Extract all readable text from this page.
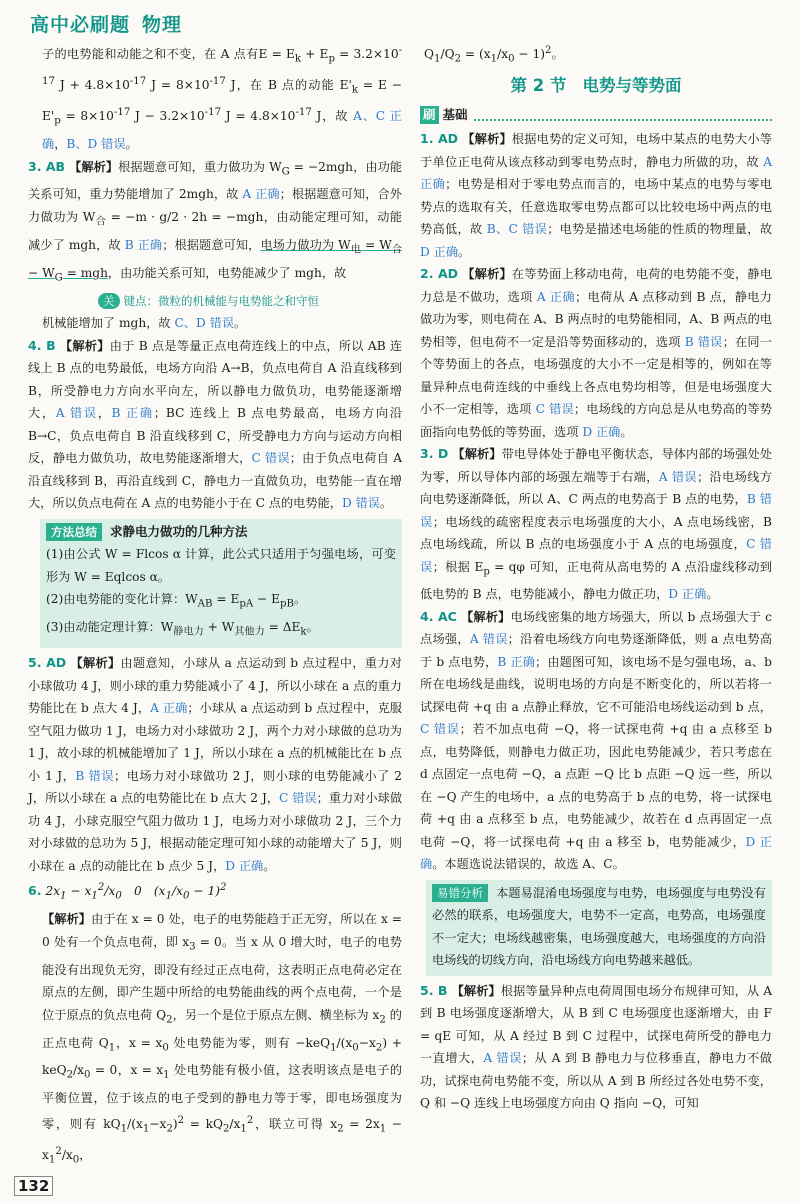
高中必刷题 物理

子的电势能和动能之和不变，在 A 点有$E = E_k + E_p = 3.2\times 10^{-17}$ $J + 4.8\times 10^{-17}$ $J = 8\times 10^{-17}$ J，在 B 点的动能 $E'_k = E - E'_p = 8\times 10^{-17}$ $J - 3.2\times 10^{-17}$ $J = 4.8\times 10^{-17}$ J，故 A、C 正确，B、D 错误。

3. AB 【解析】根据题意可知，重力做功为 $W_G = -2mgh$，由功能关系可知，重力势能增加了 2mgh，故 A 正确；根据题意可知，合外力做功为 $W_合 = -m \cdot g/2 \cdot 2h = -mgh$，由动能定理可知，动能减少了 mgh，故 B 正确；根据题意可知，电场力做功为 $W_电 = W_合 - W_G$ = mgh，由功能关系可知，电势能减少了 mgh，故

关 键点：微粒的机械能与电势能之和守恒

机械能增加了 mgh，故 C、D 错误。

4. B 【解析】由于 B 点是等量正点电荷连线上的中点，所以 AB 连线上 B 点的电势最低，电场方向沿 A→B，负点电荷自 A 沿直线移到 B，所受静电力方向水平向左，所以静电力做负功，电势能逐渐增大，A 错误，B 正确；BC 连线上 B 点电势最高，电场方向沿 B→C，负点电荷自 B 沿直线移到 C，所受静电力方向与运动方向相反，静电力做负功，故电势能逐渐增大，C 错误；由于负点电荷自 A 沿直线移到 B，再沿直线到 C，静电力一直做负功，电势能一直在增大，所以负点电荷在 A 点的电势能小于在 C 点的电势能，D 错误。

方法总结	求静电力做功的几种方法
(1)由公式 W = Flcos α 计算，此公式只适用于匀强电场，可变形为 W = Eqlcos α。
(2)由电势能的变化计算：$W_{AB} = E_{pA} - E_{pB}$。
(3)由动能定理计算：$W_{静电力} + W_{其他力} = \Delta E_k$。

5. AD 【解析】由题意知，小球从 a 点运动到 b 点过程中，重力对小球做功 4 J，则小球的重力势能减小了 4 J，所以小球在 a 点的重力势能比在 b 点大 4 J，A 正确；小球从 a 点运动到 b 点过程中，克服空气阻力做功 1 J，电场力对小球做功 2 J，两个力对小球做的总功为 1 J，故小球的机械能增加了 1 J，所以小球在 a 点的机械能比在 b 点小 1 J，B 错误；电场力对小球做功 2 J，则小球的电势能减小了 2 J，所以小球在 a 点的电势能比在 b 点大 2 J，C 错误；重力对小球做功 4 J，小球克服空气阻力做功 1 J，电场力对小球做功 2 J，三个力对小球做的总功为 5 J，根据动能定理可知小球的动能增大了 5 J，则小球在 a 点的动能比在 b 点少 5 J，D 正确。

6. $2x_1 - x_1^2/x_0$　0　$(x_1/x_0 - 1)^2$

【解析】由于在 x = 0 处，电子的电势能趋于正无穷，所以在 x = 0 处有一个负点电荷，即 $x_3 = 0$。当 x 从 0 增大时，电子的电势能没有出现负无穷，即没有经过正点电荷，这表明正点电荷必定在原点的左侧，即产生题中所给的电势能曲线的两个点电荷，一个是位于原点的负点电荷 $Q_2$，另一个是位于原点左侧、横坐标为 $x_2$ 的正点电荷 $Q_1$，$x = x_0$ 处电势能为零，则有 $-keQ_1/(x_0-x_2) + keQ_2/x_0 = 0$，$x = x_1$ 处电势能有极小值，这表明该点是电子的平衡位置，位于该点的电子受到的静电力等于零，即电场强度为零，则有 $kQ_1/(x_1-x_2)^2 = kQ_2/x_1^2$，联立可得 $x_2 = 2x_1 - x_1^2/x_0$，

$Q_1/Q_2 = (x_1/x_0 - 1)^2$。

第 2 节 电势与等势面
刷 基础

1. AD 【解析】根据电势的定义可知，电场中某点的电势大小等于单位正电荷从该点移动到零电势点时，静电力所做的功，故 A 正确；电势是相对于零电势点而言的，电场中某点的电势与零电势点的选取有关，任意选取零电势点都可以比较电场中两点的电势高低，故 B、C 错误；电势是描述电场能的性质的物理量，故 D 正确。

2. AD 【解析】在等势面上移动电荷，电荷的电势能不变，静电力总是不做功，选项 A 正确；电荷从 A 点移动到 B 点，静电力做功为零，则电荷在 A、B 两点时的电势能相同，A、B 两点的电势相等，但电荷不一定是沿等势面移动的，选项 B 错误；在同一个等势面上的各点，电场强度的大小不一定是相等的，例如在等量异种点电荷连线的中垂线上各点电势均相等，但是电场强度大小不一定相等，选项 C 错误；电场线的方向总是从电势高的等势面指向电势低的等势面，选项 D 正确。

3. D 【解析】带电导体处于静电平衡状态，导体内部的场强处处为零，所以导体内部的场强左端等于右端，A 错误；沿电场线方向电势逐渐降低，所以 A、C 两点的电势高于 B 点的电势，B 错误；电场线的疏密程度表示电场强度的大小，A 点电场线密，B 点电场线疏，所以 B 点的电场强度小于 A 点的电场强度，C 错误；根据 $E_p = q\varphi$ 可知，正电荷从高电势的 A 点沿虚线移动到低电势的 B 点，电势能减小，静电力做正功，D 正确。

4. AC 【解析】电场线密集的地方场强大，所以 b 点场强大于 c 点场强，A 错误；沿着电场线方向电势逐渐降低，则 a 点电势高于 b 点电势，B 正确；由题图可知，该电场不是匀强电场，a、b 所在电场线是曲线，说明电场的方向是不断变化的，所以若将一试探电荷 +q 由 a 点静止释放，它不可能沿电场线运动到 b 点，C 错误；若不加点电荷 −Q，将一试探电荷 +q 由 a 点移至 b 点，电势降低，则静电力做正功，因此电势能减少，若只考虑在 d 点固定一点电荷 −Q，a 点距 −Q 比 b 点距 −Q 远一些，所以在 −Q 产生的电场中，a 点的电势高于 b 点的电势，将一试探电荷 +q 由 a 点移至 b 点，电势能减少，故若在 d 点再固定一点电荷 −Q，将一试探电荷 +q 由 a 移至 b，电势能减少，D 正确。本题选说法错误的，故选 A、C。

易错分析 本题易混淆电场强度与电势，电场强度与电势没有必然的联系，电场强度大，电势不一定高，电势高，电场强度不一定大；电场线越密集，电场强度越大，电场强度的方向沿电场线的切线方向，沿电场线方向电势越来越低。

5. B 【解析】根据等量异种点电荷周围电场分布规律可知，从 A 到 B 电场强度逐渐增大，从 B 到 C 电场强度也逐渐增大，由 F = qE 可知，从 A 经过 B 到 C 过程中，试探电荷所受的静电力一直增大，A 错误；从 A 到 B 静电力与位移垂直，静电力不做功，试探电荷电势能不变，所以从 A 到 B 所经过各处电势不变，Q 和 −Q 连线上电场强度方向由 Q 指向 −Q，可知

132
